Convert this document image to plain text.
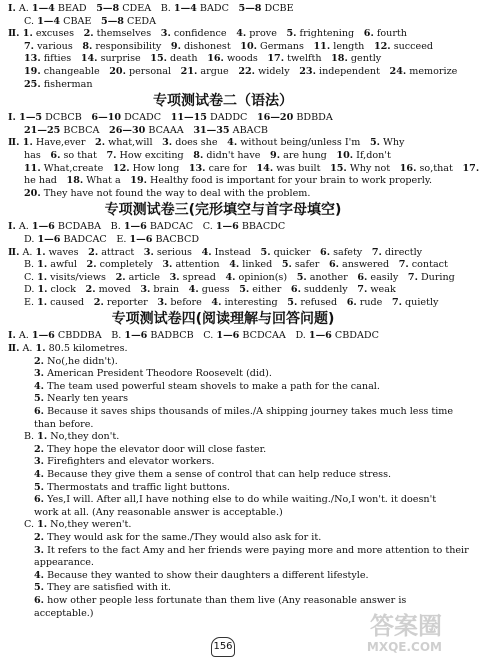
Ⅰ. A. 1—4 BEAD　5—8 CDEA　B. 1—4 BADC　5—8 DCBE
C. 1—4 CBAE　5—8 CEDA
Ⅱ. 1. excuses　2. themselves　3. confidence　4. prove　5. frightening　6. fourth
7. various　8. responsibility　9. dishonest　10. Germans　11. length　12. succeed
13. fifties　14. surprise　15. death　16. woods　17. twelfth　18. gently
19. changeable　20. personal　21. argue　22. widely　23. independent　24. memorize
25. fisherman
专项测试卷二（语法）
Ⅰ. 1—5 DCBCB　6—10 DCADC　11—15 DADDC　16—20 BDBDA
21—25 BCBCA　26—30 BCAAA　31—35 ABACB
Ⅱ. 1. Have,ever　2. what,will　3. does she　4. without being/unless I'm　5. Why
has　6. so that　7. How exciting　8. didn't have　9. are hung　10. If,don't
11. What,create　12. How long　13. care for　14. was built　15. Why not　16. so,that　17.
he had　18. What a　19. Healthy food is important for your brain to work properly.
20. They have not found the way to deal with the problem.
专项测试卷三(完形填空与首字母填空)
Ⅰ. A. 1—6 BCDABA　B. 1—6 BADCAC　C. 1—6 BBACDC
D. 1—6 BADCAC　E. 1—6 BACBCD
Ⅱ. A. 1. waves　2. attract　3. serious　4. Instead　5. quicker　6. safety　7. directly
B. 1. awful　2. completely　3. attention　4. linked　5. safer　6. answered　7. contact
C. 1. visits/views　2. article　3. spread　4. opinion(s)　5. another　6. easily　7. During
D. 1. clock　2. moved　3. brain　4. guess　5. either　6. suddenly　7. weak
E. 1. caused　2. reporter　3. before　4. interesting　5. refused　6. rude　7. quietly
专项测试卷四(阅读理解与回答问题)
Ⅰ. A. 1—6 CBDDBA　B. 1—6 BADBCB　C. 1—6 BCDCAA　D. 1—6 CBDADC
Ⅱ. A. 1. 80.5 kilometres.
2. No(,he didn't).
3. American President Theodore Roosevelt (did).
4. The team used powerful steam shovels to make a path for the canal.
5. Nearly ten years
6. Because it saves ships thousands of miles./A shipping journey takes much less time
than before.
B. 1. No,they don't.
2. They hope the elevator door will close faster.
3. Firefighters and elevator workers.
4. Because they give them a sense of control that can help reduce stress.
5. Thermostats and traffic light buttons.
6. Yes,I will. After all,I have nothing else to do while waiting./No,I won't. it doesn't
work at all. (Any reasonable answer is acceptable.)
C. 1. No,they weren't.
2. They would ask for the same./They would also ask for it.
3. It refers to the fact Amy and her friends were paying more and more attention to their
appearance.
4. Because they wanted to show their daughters a different lifestyle.
5. They are satisfied with it.
6. how other people less fortunate than them live (Any reasonable answer is
acceptable.)	答案圈
MXQE.COM
156
